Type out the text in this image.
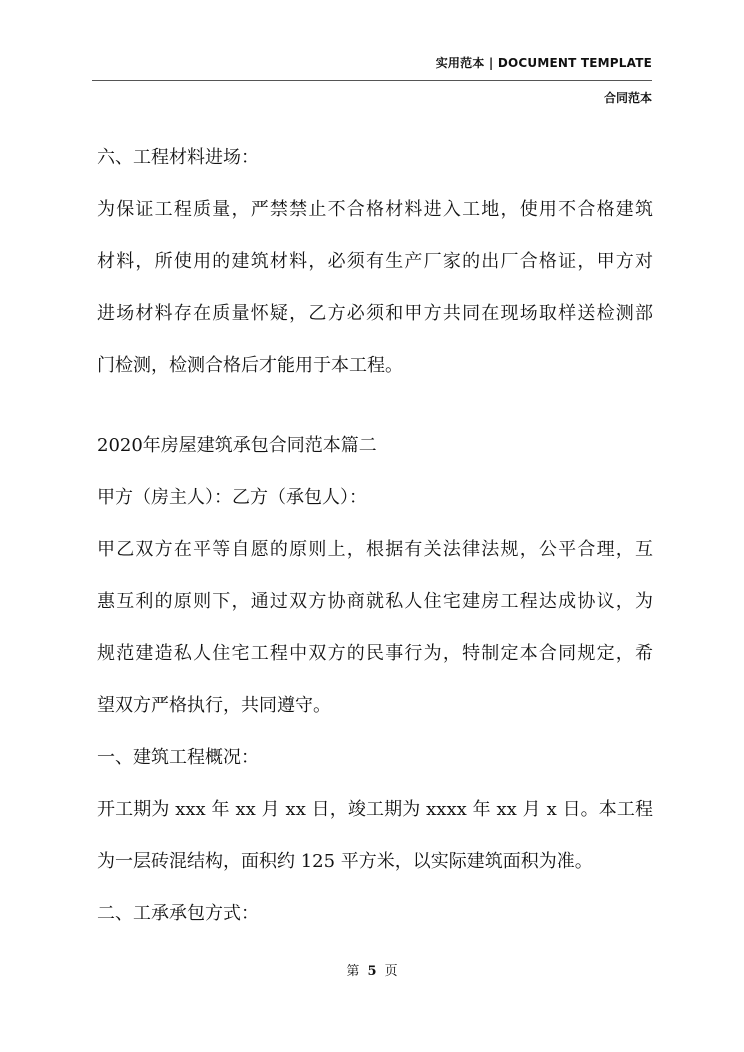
实用范本 | DOCUMENT TEMPLATE
合同范本
六、工程材料进场：
为保证工程质量，严禁禁止不合格材料进入工地，使用不合格建筑
材料，所使用的建筑材料，必须有生产厂家的出厂合格证，甲方对
进场材料存在质量怀疑，乙方必须和甲方共同在现场取样送检测部
门检测，检测合格后才能用于本工程。
2020年房屋建筑承包合同范本篇二
甲方（房主人）：乙方（承包人）：
甲乙双方在平等自愿的原则上，根据有关法律法规，公平合理，互
惠互利的原则下，通过双方协商就私人住宅建房工程达成协议，为
规范建造私人住宅工程中双方的民事行为，特制定本合同规定，希
望双方严格执行，共同遵守。
一、建筑工程概况：
开工期为 xxx 年 xx 月 xx 日，竣工期为 xxxx 年 xx 月 x 日。本工程
为一层砖混结构，面积约 125 平方米，以实际建筑面积为准。
二、工承承包方式：
第 5 页
